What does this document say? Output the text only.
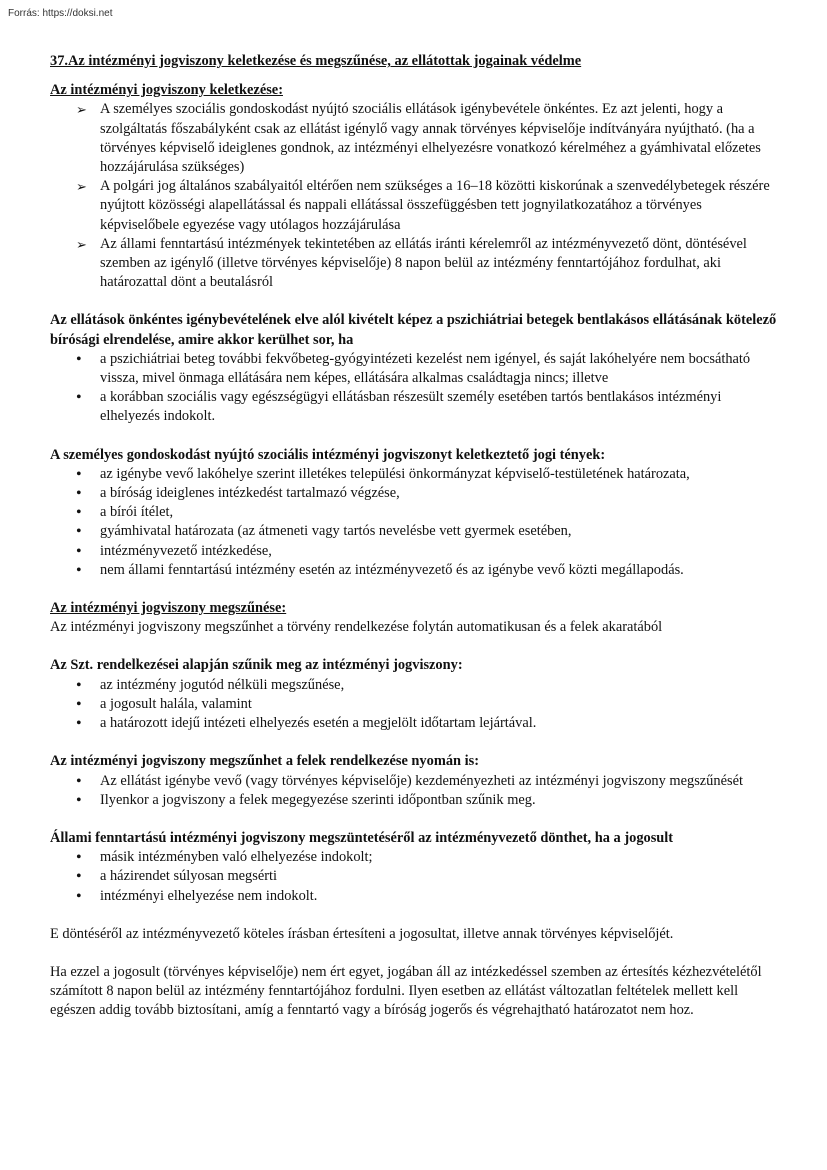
Forrás: https://doksi.net

37.Az intézményi jogviszony keletkezése és megszűnése, az ellátottak jogainak védelme

Az intézményi jogviszony keletkezése:

➢ A személyes szociális gondoskodást nyújtó szociális ellátások igénybevétele önkéntes. Ez azt jelenti, hogy a szolgáltatás főszabályként csak az ellátást igénylő vagy annak törvényes képviselője indítványára nyújtható. (ha a törvényes képviselő ideiglenes gondnok, az intézményi elhelyezésre vonatkozó kérelméhez a gyámhivatal előzetes hozzájárulása szükséges)
➢ A polgári jog általános szabályaitól eltérően nem szükséges a 16–18 közötti kiskorúnak a szenvedélybetegek részére nyújtott közösségi alapellátással és nappali ellátással összefüggésben tett jognyilatkozatához a törvényes képviselőbele egyezése vagy utólagos hozzájárulása
➢ Az állami fenntartású intézmények tekintetében az ellátás iránti kérelemről az intézményvezető dönt, döntésével szemben az igénylő (illetve törvényes képviselője) 8 napon belül az intézmény fenntartójához fordulhat, aki határozattal dönt a beutalásról

Az ellátások önkéntes igénybevételének elve alól kivételt képez a pszichiátriai betegek bentlakásos ellátásának kötelező bírósági elrendelése, amire akkor kerülhet sor, ha

•	a pszichiátriai beteg további fekvőbeteg-gyógyintézeti kezelést nem igényel, és saját lakóhelyére nem bocsátható vissza, mivel önmaga ellátására nem képes, ellátására alkalmas családtagja nincs; illetve
•	a korábban szociális vagy egészségügyi ellátásban részesült személy esetében tartós bentlakásos intézményi elhelyezés indokolt.

A személyes gondoskodást nyújtó szociális intézményi jogviszonyt keletkeztető jogi tények:

•	az igénybe vevő lakóhelye szerint illetékes települési önkormányzat képviselő-testületének határozata,
•	a bíróság ideiglenes intézkedést tartalmazó végzése,
•	a bírói ítélet,
•	gyámhivatal határozata (az átmeneti vagy tartós nevelésbe vett gyermek esetében,
•	intézményvezető intézkedése,
•	nem állami fenntartású intézmény esetén az intézményvezető és az igénybe vevő közti megállapodás.

Az intézményi jogviszony megszűnése:

Az intézményi jogviszony megszűnhet a törvény rendelkezése folytán automatikusan és a felek akaratából

Az Szt. rendelkezései alapján szűnik meg az intézményi jogviszony:

•	az intézmény jogutód nélküli megszűnése,
•	a jogosult halála, valamint
•	a határozott idejű intézeti elhelyezés esetén a megjelölt időtartam lejártával.

Az intézményi jogviszony megszűnhet a felek rendelkezése nyomán is:

•	Az ellátást igénybe vevő (vagy törvényes képviselője) kezdeményezheti az intézményi jogviszony megszűnését
•	Ilyenkor a jogviszony a felek megegyezése szerinti időpontban szűnik meg.

Állami fenntartású intézményi jogviszony megszüntetéséről az intézményvezető dönthet, ha a jogosult

•	másik intézményben való elhelyezése indokolt;
•	a házirendet súlyosan megsérti
•	intézményi elhelyezése nem indokolt.

E döntéséről az intézményvezető köteles írásban értesíteni a jogosultat, illetve annak törvényes képviselőjét.

Ha ezzel a jogosult (törvényes képviselője) nem ért egyet, jogában áll az intézkedéssel szemben az értesítés kézhezvételétől számított 8 napon belül az intézmény fenntartójához fordulni. Ilyen esetben az ellátást változatlan feltételek mellett kell egészen addig tovább biztosítani, amíg a fenntartó vagy a bíróság jogerős és végrehajtható határozatot nem hoz.
